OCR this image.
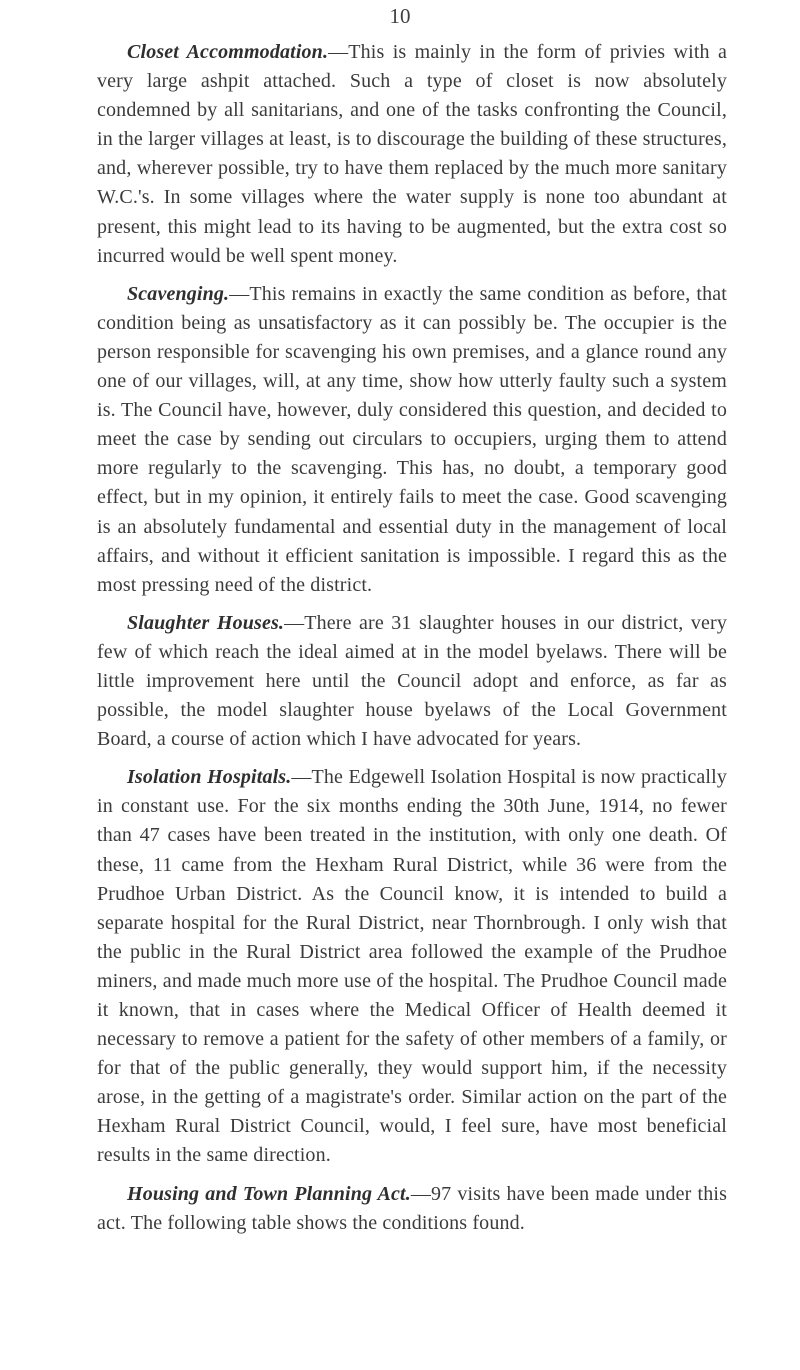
10

Closet Accommodation.—This is mainly in the form of privies with a very large ashpit attached. Such a type of closet is now absolutely condemned by all sanitarians, and one of the tasks confronting the Council, in the larger villages at least, is to discourage the building of these structures, and, wherever possible, try to have them replaced by the much more sanitary W.C.'s. In some villages where the water supply is none too abundant at present, this might lead to its having to be augmented, but the extra cost so incurred would be well spent money.

Scavenging.—This remains in exactly the same condition as before, that condition being as unsatisfactory as it can possibly be. The occupier is the person responsible for scavenging his own premises, and a glance round any one of our villages, will, at any time, show how utterly faulty such a system is. The Council have, however, duly considered this question, and decided to meet the case by sending out circulars to occupiers, urging them to attend more regularly to the scavenging. This has, no doubt, a temporary good effect, but in my opinion, it entirely fails to meet the case. Good scavenging is an absolutely fundamental and essential duty in the management of local affairs, and without it efficient sanitation is impossible. I regard this as the most pressing need of the district.

Slaughter Houses.—There are 31 slaughter houses in our district, very few of which reach the ideal aimed at in the model byelaws. There will be little improvement here until the Council adopt and enforce, as far as possible, the model slaughter house byelaws of the Local Government Board, a course of action which I have advocated for years.

Isolation Hospitals.—The Edgewell Isolation Hospital is now practically in constant use. For the six months ending the 30th June, 1914, no fewer than 47 cases have been treated in the institution, with only one death. Of these, 11 came from the Hexham Rural District, while 36 were from the Prudhoe Urban District. As the Council know, it is intended to build a separate hospital for the Rural District, near Thornbrough. I only wish that the public in the Rural District area followed the example of the Prudhoe miners, and made much more use of the hospital. The Prudhoe Council made it known, that in cases where the Medical Officer of Health deemed it necessary to remove a patient for the safety of other members of a family, or for that of the public generally, they would support him, if the necessity arose, in the getting of a magistrate's order. Similar action on the part of the Hexham Rural District Council, would, I feel sure, have most beneficial results in the same direction.

Housing and Town Planning Act.—97 visits have been made under this act. The following table shows the conditions found.
